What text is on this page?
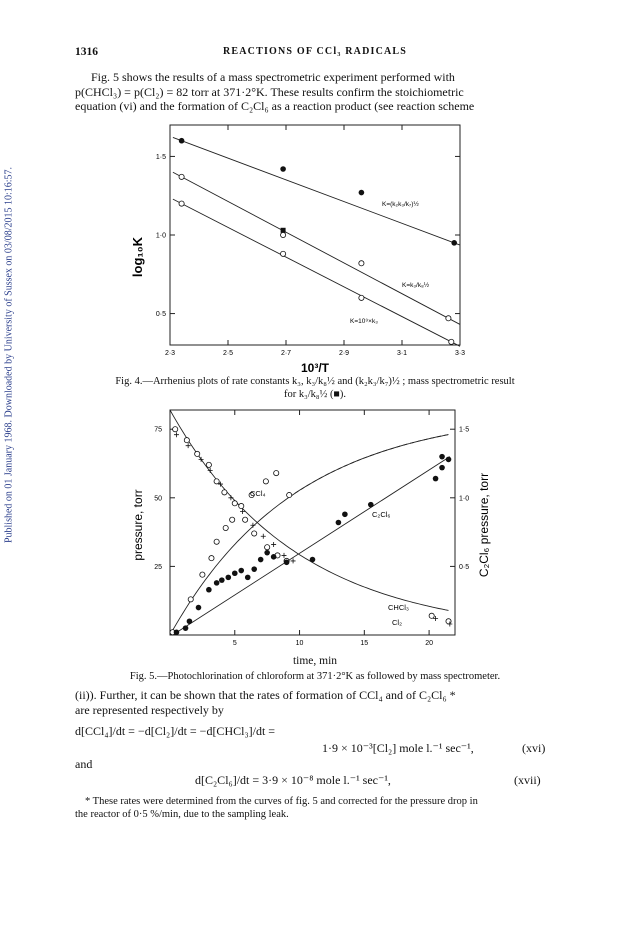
Published on 01 January 1968. Downloaded by University of Sussex on 03/08/2015 10:16:57.
1316	REACTIONS OF CCl₃ RADICALS
Fig. 5 shows the results of a mass spectrometric experiment performed with
p(CHCl₃) = p(Cl₂) = 82 torr at 371·2°K. These results confirm the stoichiometric
equation (vi) and the formation of C₂Cl₆ as a reaction product (see reaction scheme
2·3	2·5	2·7	2·9	3·1	3·3
1·5
1·0
0·5
log₁₀K
10³/T
K=(k₂k₃/k₇)½
K=k₃/k₈½
K=10⁹×k₃
Fig. 4.—Arrhenius plots of rate constants k₃, k₃/k₈½ and (k₂k₃/k₇)½ ; mass spectrometric result
for k₃/k₈½ (■).
5	10	15	20
25
50
75
0·5
1·0
1·5
pressure, torr	C₂Cl₆ pressure, torr
CCl₄
C₂Cl₆
CHCl₃
Cl₂
time, min
Fig. 5.—Photochlorination of chloroform at 371·2°K as followed by mass spectrometer.
(ii)). Further, it can be shown that the rates of formation of CCl₄ and of C₂Cl₆ *
are represented respectively by
d[CCl₄]/dt = −d[Cl₂]/dt = −d[CHCl₃]/dt =
1·9 × 10⁻³[Cl₂] mole l.⁻¹ sec⁻¹,	(xvi)
and
d[C₂Cl₆]/dt = 3·9 × 10⁻⁸ mole l.⁻¹ sec⁻¹,	(xvii)
* These rates were determined from the curves of fig. 5 and corrected for the pressure drop in
the reactor of 0·5 %/min, due to the sampling leak.
